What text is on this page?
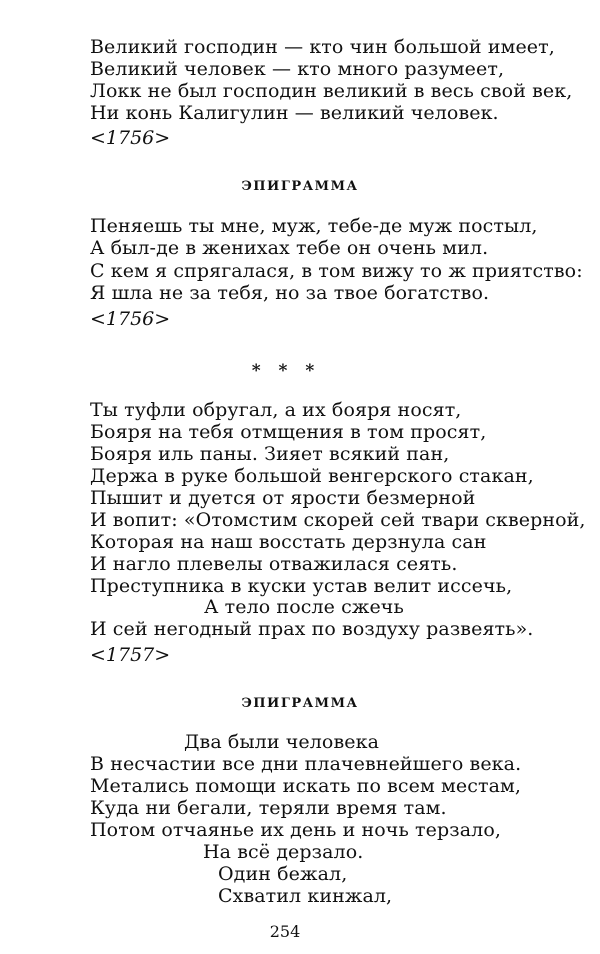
Великий господин — кто чин большой имеет,
Великий человек — кто много разумеет,
Локк не был господин великий в весь свой век,
Ни конь Калигулин — великий человек.
<1756>
ЭПИГРАММА
Пеняешь ты мне, муж, тебе-де муж постыл,
А был-де в женихах тебе он очень мил.
С кем я спрягалася, в том вижу то ж приятство:
Я шла не за тебя, но за твое богатство.
<1756>
* * *
Ты туфли обругал, а их бояря носят,
Бояря на тебя отмщения в том просят,
Бояря иль паны. Зияет всякий пан,
Держа в руке большой венгерского стакан,
Пышит и дуется от ярости безмерной
И вопит: «Отомстим скорей сей твари скверной,
Которая на наш восстать дерзнула сан
И нагло плевелы отважилася сеять.
Преступника в куски устав велит иссечь,
А тело после сжечь
И сей негодный прах по воздуху развеять».
<1757>
ЭПИГРАММА
Два были человека
В несчастии все дни плачевнейшего века.
Метались помощи искать по всем местам,
Куда ни бегали, теряли время там.
Потом отчаянье их день и ночь терзало,
На всё дерзало.
Один бежал,
Схватил кинжал,
254
